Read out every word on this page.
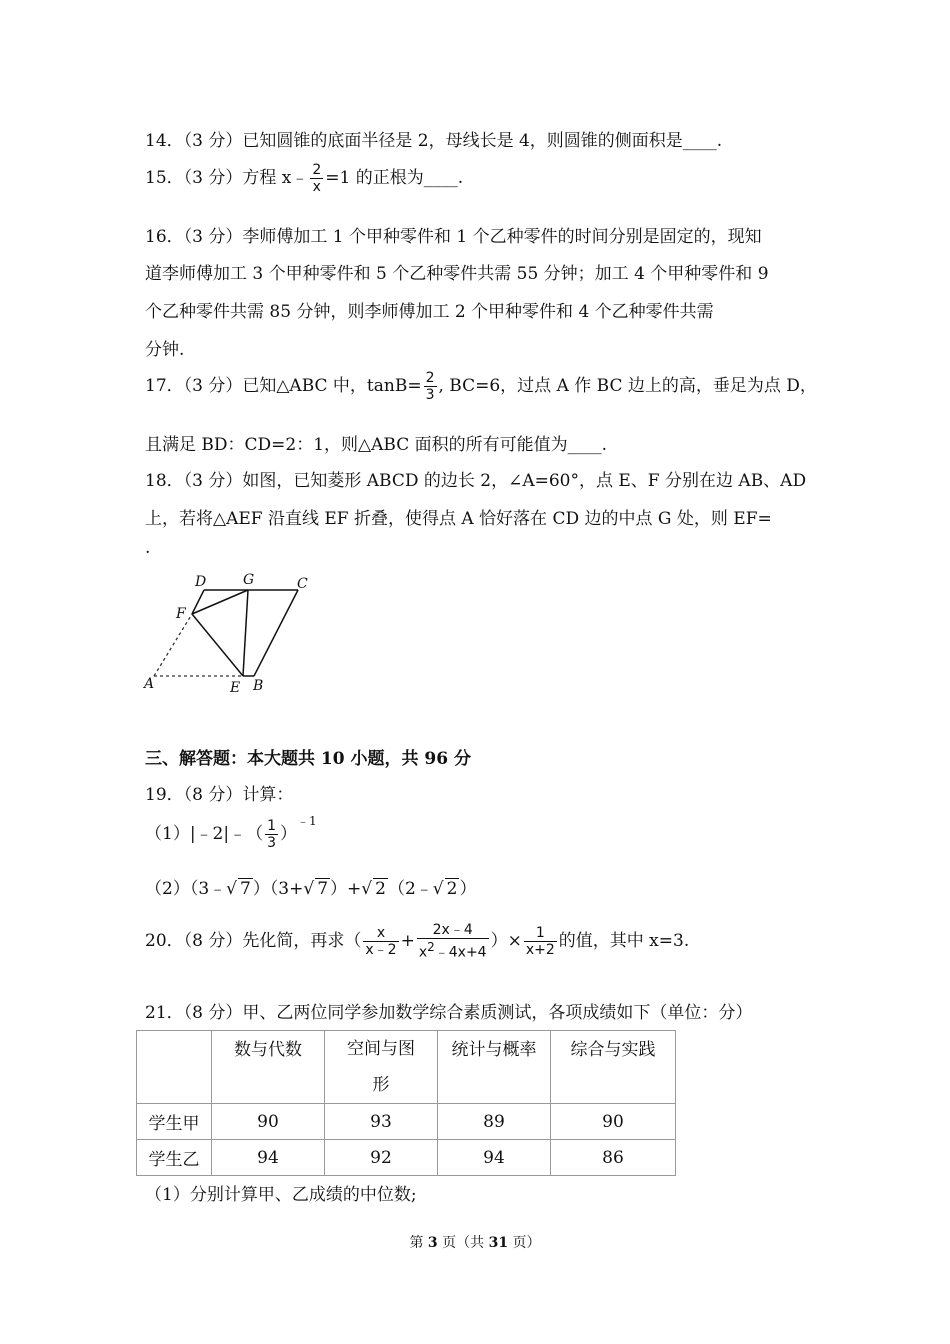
14．（3 分）已知圆锥的底面半径是 2，母线长是 4，则圆锥的侧面积是____.
15．（3 分）方程 x﹣ $\frac{2}{x} =1$ 的正根为____.
16．（3 分）李师傅加工 1 个甲种零件和 1 个乙种零件的时间分别是固定的，现知
道李师傅加工 3 个甲种零件和 5 个乙种零件共需 55 分钟；加工 4 个甲种零件和 9
个乙种零件共需 85 分钟，则李师傅加工 2 个甲种零件和 4 个乙种零件共需
分钟.
17．（3 分）已知△ABC 中，$\tan B= \frac{2}{3}$ , BC=6，过点 A 作 BC 边上的高，垂足为点 D，
且满足 BD：CD=2：1，则△ABC 面积的所有可能值为____.
18．（3 分）如图，已知菱形 ABCD 的边长 2，∠A=60°，点 E、F 分别在边 AB、AD
上，若将△AEF 沿直线 EF 折叠，使得点 A 恰好落在 CD 边的中点 G 处，则 EF=
.
D	G	C
F
A	E B
三、解答题：本大题共 10 小题，共 96 分
19．（8 分）计算：
（1）|﹣2|﹣（ $\frac{1}{3} )^{﹣1}$
（2）（3﹣√ 7 ）（3+√ 7 ）+√ 2 （2﹣√ 2 ）
20．（8 分）先化简，再求（ $\frac{x}{x﹣2} + \frac{2x﹣4}{x2﹣4x+4}$ ）× $\frac{1}{x+2}$ 的值，其中 x=3.
21．（8 分）甲、乙两位同学参加数学综合素质测试，各项成绩如下（单位：分）
	数与代数	空间与图
形	统计与概率	综合与实践
学生甲	90	93	89	90
学生乙	94	92	94	86
（1）分别计算甲、乙成绩的中位数;
第 3 页（共 31 页）
